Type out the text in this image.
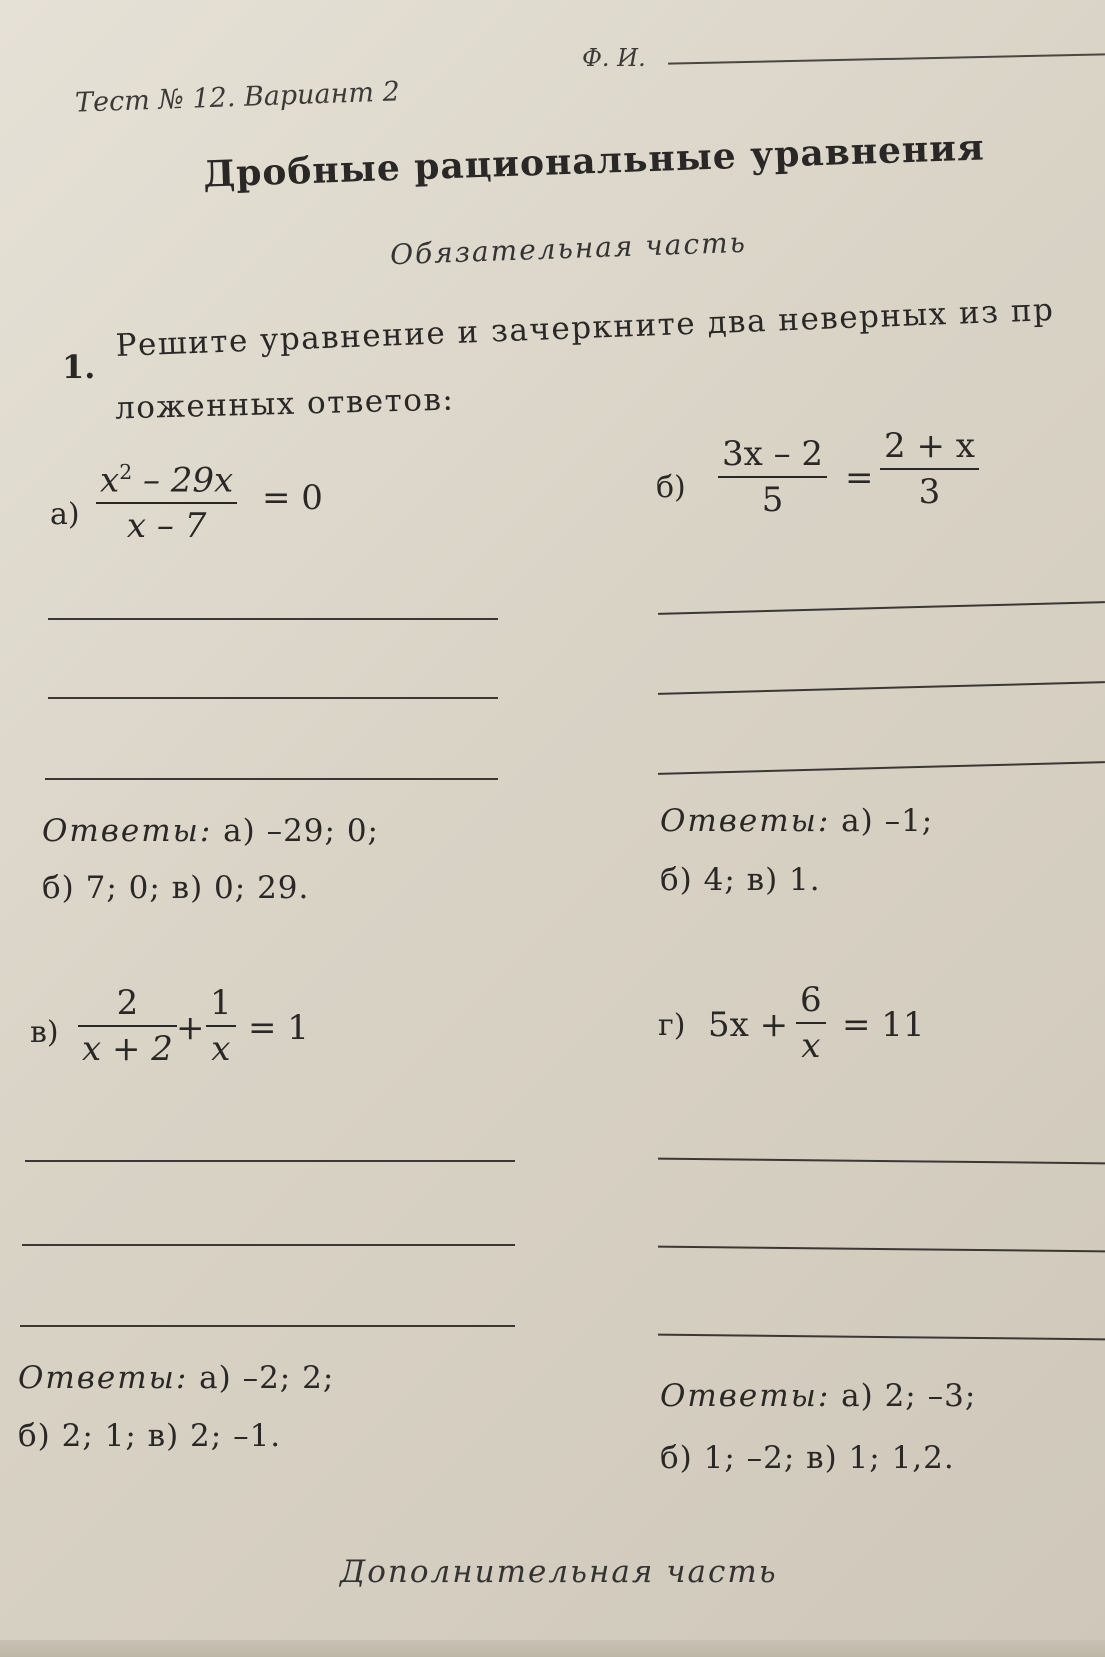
Тест № 12. Вариант 2
Ф. И.
Дробные рациональные уравнения
Обязательная часть
1.
Решите уравнение и зачеркните два неверных из пр
ложенных ответов:
а)
$x^2 - 29x$
x – 7
= 0
Ответы: а) –29; 0;
б) 7; 0; в) 0; 29.
б)
3x – 2
5
=
2 + x
3
Ответы: а) –1;
б) 4; в) 1.
в)
2
x + 2
+
1
x
= 1
Ответы: а) –2; 2;
б) 2; 1; в) 2; –1.
г) 5x +
6
x
= 11
Ответы: а) 2; –3;
б) 1; –2; в) 1; 1,2.
Дополнительная часть
